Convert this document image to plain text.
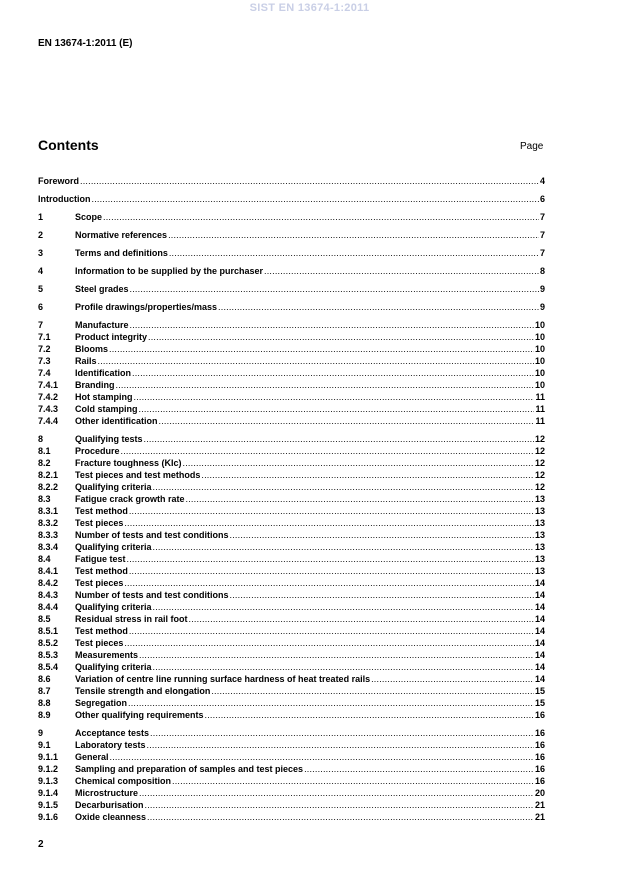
SIST EN 13674-1:2011
EN 13674-1:2011 (E)
Contents	Page
Foreword .....	4
Introduction .....	6
1	Scope .....	7
2	Normative references .....	7
3	Terms and definitions .....	7
4	Information to be supplied by the purchaser .....	8
5	Steel grades .....	9
6	Profile drawings/properties/mass .....	9
7	Manufacture .....	10
7.1	Product integrity .....	10
7.2	Blooms .....	10
7.3	Rails .....	10
7.4	Identification .....	10
7.4.1	Branding .....	10
7.4.2	Hot stamping .....	11
7.4.3	Cold stamping .....	11
7.4.4	Other identification .....	11
8	Qualifying tests .....	12
8.1	Procedure .....	12
8.2	Fracture toughness (KIc) .....	12
8.2.1	Test pieces and test methods .....	12
8.2.2	Qualifying criteria .....	12
8.3	Fatigue crack growth rate .....	13
8.3.1	Test method .....	13
8.3.2	Test pieces .....	13
8.3.3	Number of tests and test conditions .....	13
8.3.4	Qualifying criteria .....	13
8.4	Fatigue test .....	13
8.4.1	Test method .....	13
8.4.2	Test pieces .....	14
8.4.3	Number of tests and test conditions .....	14
8.4.4	Qualifying criteria .....	14
8.5	Residual stress in rail foot .....	14
8.5.1	Test method .....	14
8.5.2	Test pieces .....	14
8.5.3	Measurements .....	14
8.5.4	Qualifying criteria .....	14
8.6	Variation of centre line running surface hardness of heat treated rails .....	14
8.7	Tensile strength and elongation .....	15
8.8	Segregation .....	15
8.9	Other qualifying requirements .....	16
9	Acceptance tests .....	16
9.1	Laboratory tests .....	16
9.1.1	General .....	16
9.1.2	Sampling and preparation of samples and test pieces .....	16
9.1.3	Chemical composition .....	16
9.1.4	Microstructure .....	20
9.1.5	Decarburisation .....	21
9.1.6	Oxide cleanness .....	21
2
